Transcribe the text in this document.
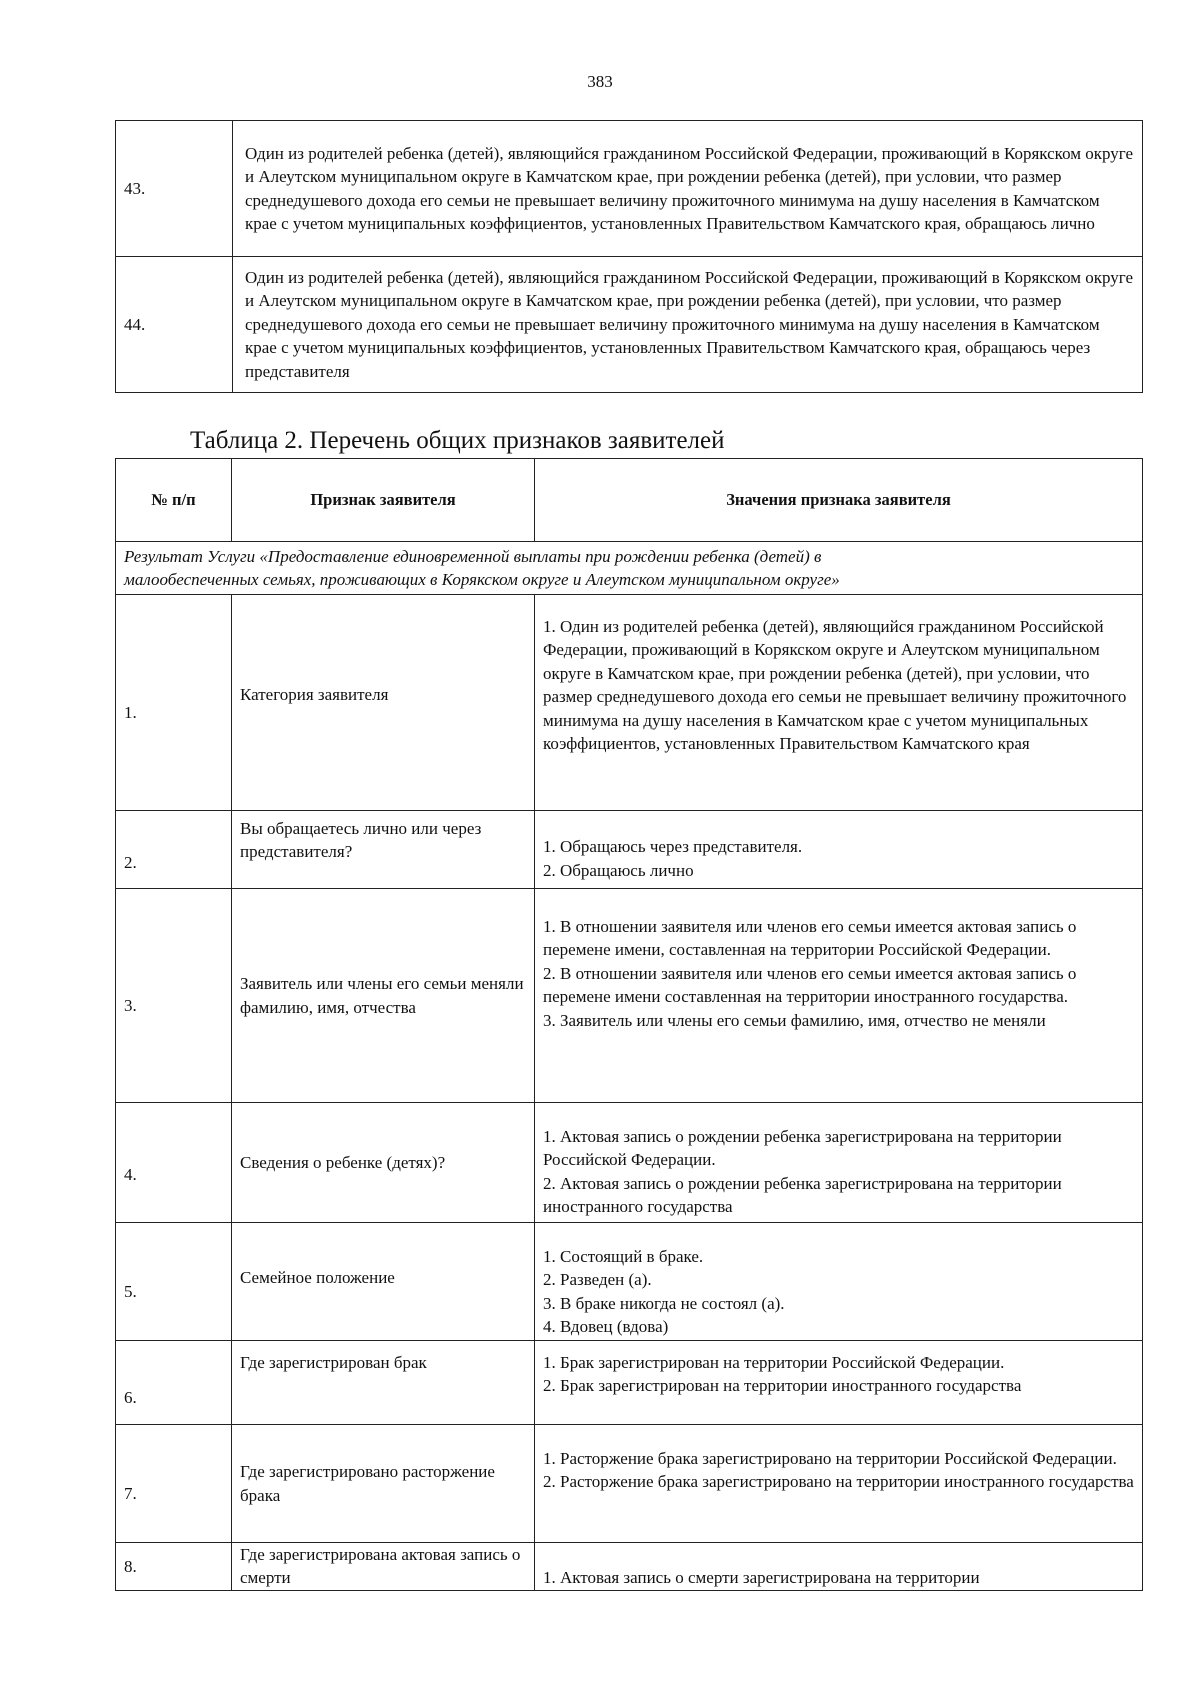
383
43.	Один из родителей ребенка (детей), являющийся гражданином Российской Федерации, проживающий в Корякском округе и Алеутском муниципальном округе в Камчатском крае, при рождении ребенка (детей), при условии, что размер среднедушевого дохода его семьи не превышает величину прожиточного минимума на душу населения в Камчатском крае с учетом муниципальных коэффициентов, установленных Правительством Камчатского края, обращаюсь лично
44.	Один из родителей ребенка (детей), являющийся гражданином Российской Федерации, проживающий в Корякском округе и Алеутском муниципальном округе в Камчатском крае, при рождении ребенка (детей), при условии, что размер среднедушевого дохода его семьи не превышает величину прожиточного минимума на душу населения в Камчатском крае с учетом муниципальных коэффициентов, установленных Правительством Камчатского края, обращаюсь через представителя
Таблица 2. Перечень общих признаков заявителей
№ п/п	Признак заявителя	Значения признака заявителя

Результат Услуги «Предоставление единовременной выплаты при рождении ребенка (детей) в
малообеспеченных семьях, проживающих в Корякском округе и Алеутском муниципальном округе»		

1.	Категория заявителя	1. Один из родителей ребенка (детей), являющийся гражданином Российской Федерации, проживающий в Корякском округе и Алеутском муниципальном округе в Камчатском крае, при рождении ребенка (детей), при условии, что размер среднедушевого дохода его семьи не превышает величину прожиточного минимума на душу населения в Камчатском крае с учетом муниципальных коэффициентов, установленных Правительством Камчатского края

2.	Вы обращаетесь лично или через представителя?	1. Обращаюсь через представителя.
2. Обращаюсь лично

3.	Заявитель или члены его семьи меняли фамилию, имя, отчества	1. В отношении заявителя или членов его семьи имеется актовая запись о перемене имени, составленная на территории Российской Федерации.
2. В отношении заявителя или членов его семьи имеется актовая запись о перемене имени составленная на территории иностранного государства.
3. Заявитель или члены его семьи фамилию, имя, отчество не меняли

4.	Сведения о ребенке (детях)?	1. Актовая запись о рождении ребенка зарегистрирована на территории Российской Федерации.
2. Актовая запись о рождении ребенка зарегистрирована на территории иностранного государства

5.	Семейное положение	1. Состоящий в браке.
2. Разведен (а).
3. В браке никогда не состоял (а).
4. Вдовец (вдова)

6.	Где зарегистрирован брак	1. Брак зарегистрирован на территории Российской Федерации.
2. Брак зарегистрирован на территории иностранного государства

7.	Где зарегистрировано расторжение брака	1. Расторжение брака зарегистрировано на территории Российской Федерации.
2. Расторжение брака зарегистрировано на территории иностранного государства

8.	Где зарегистрирована актовая запись о смерти	1. Актовая запись о смерти зарегистрирована на территории
